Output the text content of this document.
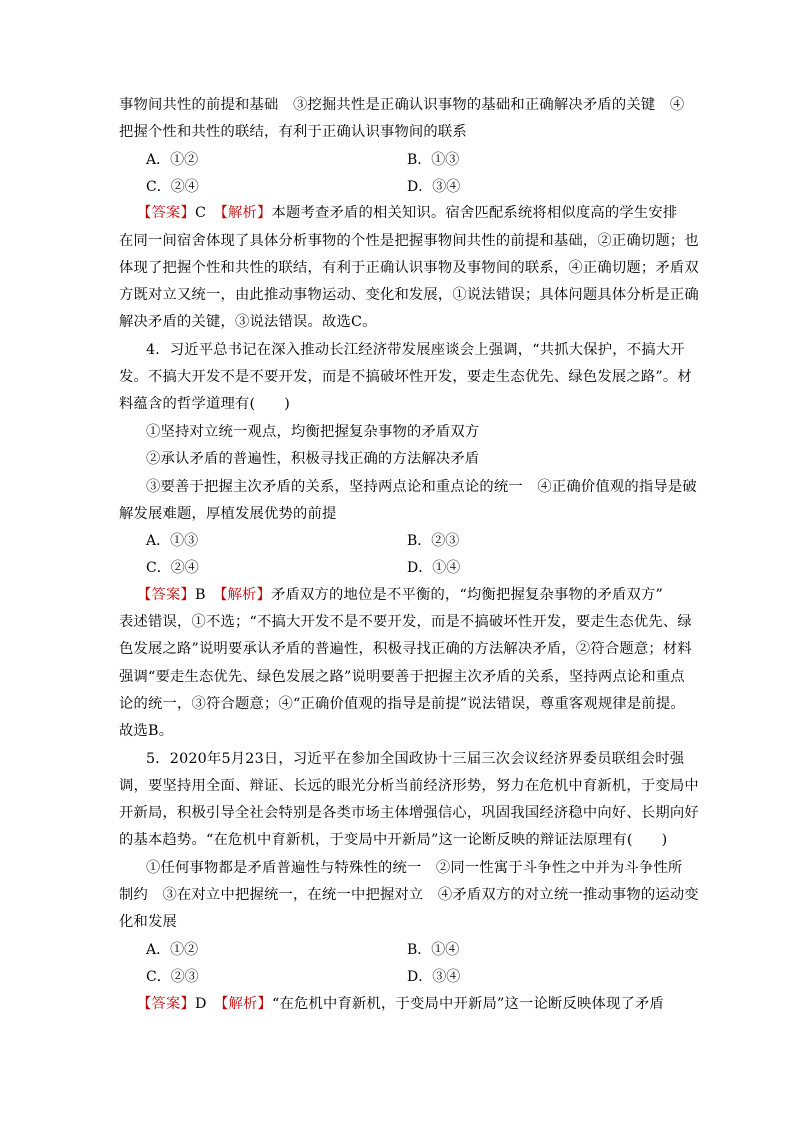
事物间共性的前提和基础　③挖掘共性是正确认识事物的基础和正确解决矛盾的关键　④
把握个性和共性的联结，有利于正确认识事物间的联系
A．①②	B．①③
C．②④	D．③④
【答案】C　【解析】本题考查矛盾的相关知识。宿舍匹配系统将相似度高的学生安排
在同一间宿舍体现了具体分析事物的个性是把握事物间共性的前提和基础，②正确切题；也
体现了把握个性和共性的联结，有利于正确认识事物及事物间的联系，④正确切题；矛盾双
方既对立又统一，由此推动事物运动、变化和发展，①说法错误；具体问题具体分析是正确
解决矛盾的关键，③说法错误。故选C。
4．习近平总书记在深入推动长江经济带发展座谈会上强调，“共抓大保护，不搞大开
发。不搞大开发不是不要开发，而是不搞破坏性开发，要走生态优先、绿色发展之路”。材
料蕴含的哲学道理有(　　)
①坚持对立统一观点，均衡把握复杂事物的矛盾双方
②承认矛盾的普遍性，积极寻找正确的方法解决矛盾
③要善于把握主次矛盾的关系，坚持两点论和重点论的统一　④正确价值观的指导是破
解发展难题，厚植发展优势的前提
A．①③	B．②③
C．②④	D．①④
【答案】B　【解析】矛盾双方的地位是不平衡的，“均衡把握复杂事物的矛盾双方”
表述错误，①不选；“不搞大开发不是不要开发，而是不搞破坏性开发，要走生态优先、绿
色发展之路”说明要承认矛盾的普遍性，积极寻找正确的方法解决矛盾，②符合题意；材料
强调“要走生态优先、绿色发展之路”说明要善于把握主次矛盾的关系，坚持两点论和重点
论的统一，③符合题意；④“正确价值观的指导是前提”说法错误，尊重客观规律是前提。
故选B。
5．2020年5月23日，习近平在参加全国政协十三届三次会议经济界委员联组会时强
调，要坚持用全面、辩证、长远的眼光分析当前经济形势，努力在危机中育新机，于变局中
开新局，积极引导全社会特别是各类市场主体增强信心，巩固我国经济稳中向好、长期向好
的基本趋势。“在危机中育新机，于变局中开新局”这一论断反映的辩证法原理有(　　)
①任何事物都是矛盾普遍性与特殊性的统一　②同一性寓于斗争性之中并为斗争性所
制约　③在对立中把握统一，在统一中把握对立　④矛盾双方的对立统一推动事物的运动变
化和发展
A．①②	B．①④
C．②③	D．③④
【答案】D　【解析】“在危机中育新机，于变局中开新局”这一论断反映体现了矛盾
